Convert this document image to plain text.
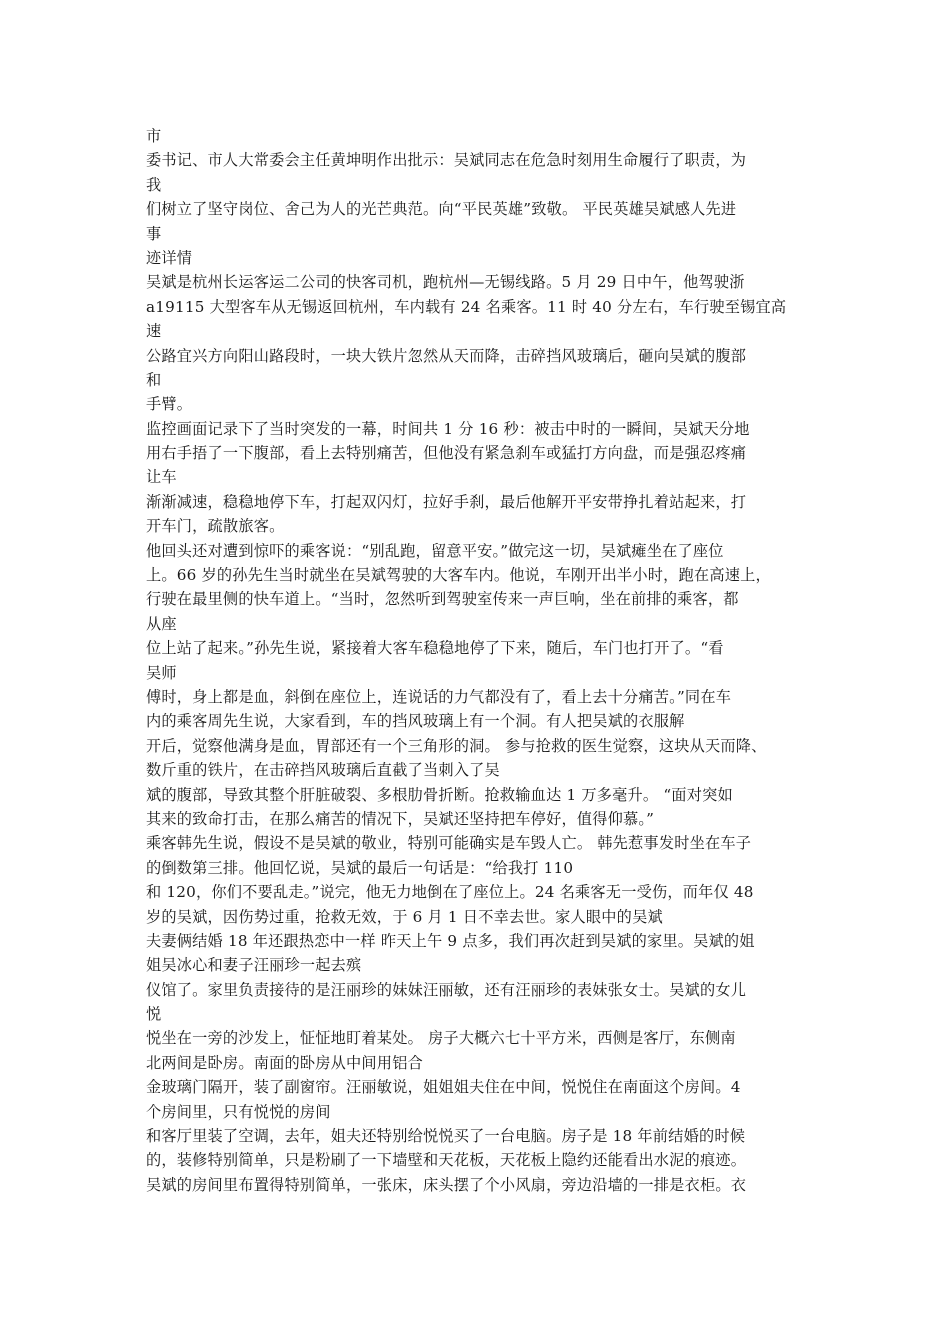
市
委书记、市人大常委会主任黄坤明作出批示：吴斌同志在危急时刻用生命履行了职责，为
我
们树立了坚守岗位、舍己为人的光芒典范。向“平民英雄”致敬。 平民英雄吴斌感人先进
事
迹详情
吴斌是杭州长运客运二公司的快客司机，跑杭州—无锡线路。5 月 29 日中午，他驾驶浙
a19115 大型客车从无锡返回杭州，车内载有 24 名乘客。11 时 40 分左右，车行驶至锡宜高
速
公路宜兴方向阳山路段时，一块大铁片忽然从天而降，击碎挡风玻璃后，砸向吴斌的腹部
和
手臂。
监控画面记录下了当时突发的一幕，时间共 1 分 16 秒：被击中时的一瞬间，吴斌天分地
用右手捂了一下腹部，看上去特别痛苦，但他没有紧急刹车或猛打方向盘，而是强忍疼痛
让车
渐渐减速，稳稳地停下车，打起双闪灯，拉好手刹，最后他解开平安带挣扎着站起来，打
开车门，疏散旅客。
他回头还对遭到惊吓的乘客说：“别乱跑，留意平安。”做完这一切，吴斌瘫坐在了座位
上。66 岁的孙先生当时就坐在吴斌驾驶的大客车内。他说，车刚开出半小时，跑在高速上，
行驶在最里侧的快车道上。“当时，忽然听到驾驶室传来一声巨响，坐在前排的乘客，都
从座
位上站了起来。”孙先生说，紧接着大客车稳稳地停了下来，随后，车门也打开了。“看
吴师
傅时，身上都是血，斜倒在座位上，连说话的力气都没有了，看上去十分痛苦。”同在车
内的乘客周先生说，大家看到，车的挡风玻璃上有一个洞。有人把吴斌的衣服解
开后，觉察他满身是血，胃部还有一个三角形的洞。 参与抢救的医生觉察，这块从天而降、
数斤重的铁片，在击碎挡风玻璃后直截了当刺入了吴
斌的腹部，导致其整个肝脏破裂、多根肋骨折断。抢救输血达 1 万多毫升。 “面对突如
其来的致命打击，在那么痛苦的情况下，吴斌还坚持把车停好，值得仰慕。”
乘客韩先生说，假设不是吴斌的敬业，特别可能确实是车毁人亡。 韩先惹事发时坐在车子
的倒数第三排。他回忆说，吴斌的最后一句话是：“给我打 110
和 120，你们不要乱走。”说完，他无力地倒在了座位上。24 名乘客无一受伤，而年仅 48
岁的吴斌，因伤势过重，抢救无效，于 6 月 1 日不幸去世。家人眼中的吴斌
夫妻俩结婚 18 年还跟热恋中一样 昨天上午 9 点多，我们再次赶到吴斌的家里。吴斌的姐
姐吴冰心和妻子汪丽珍一起去殡
仪馆了。家里负责接待的是汪丽珍的妹妹汪丽敏，还有汪丽珍的表妹张女士。吴斌的女儿
悦
悦坐在一旁的沙发上，怔怔地盯着某处。 房子大概六七十平方米，西侧是客厅，东侧南
北两间是卧房。南面的卧房从中间用铝合
金玻璃门隔开，装了副窗帘。汪丽敏说，姐姐姐夫住在中间，悦悦住在南面这个房间。4
个房间里，只有悦悦的房间
和客厅里装了空调，去年，姐夫还特别给悦悦买了一台电脑。房子是 18 年前结婚的时候
的，装修特别简单，只是粉刷了一下墙壁和天花板，天花板上隐约还能看出水泥的痕迹。
吴斌的房间里布置得特别简单，一张床，床头摆了个小风扇，旁边沿墙的一排是衣柜。衣
